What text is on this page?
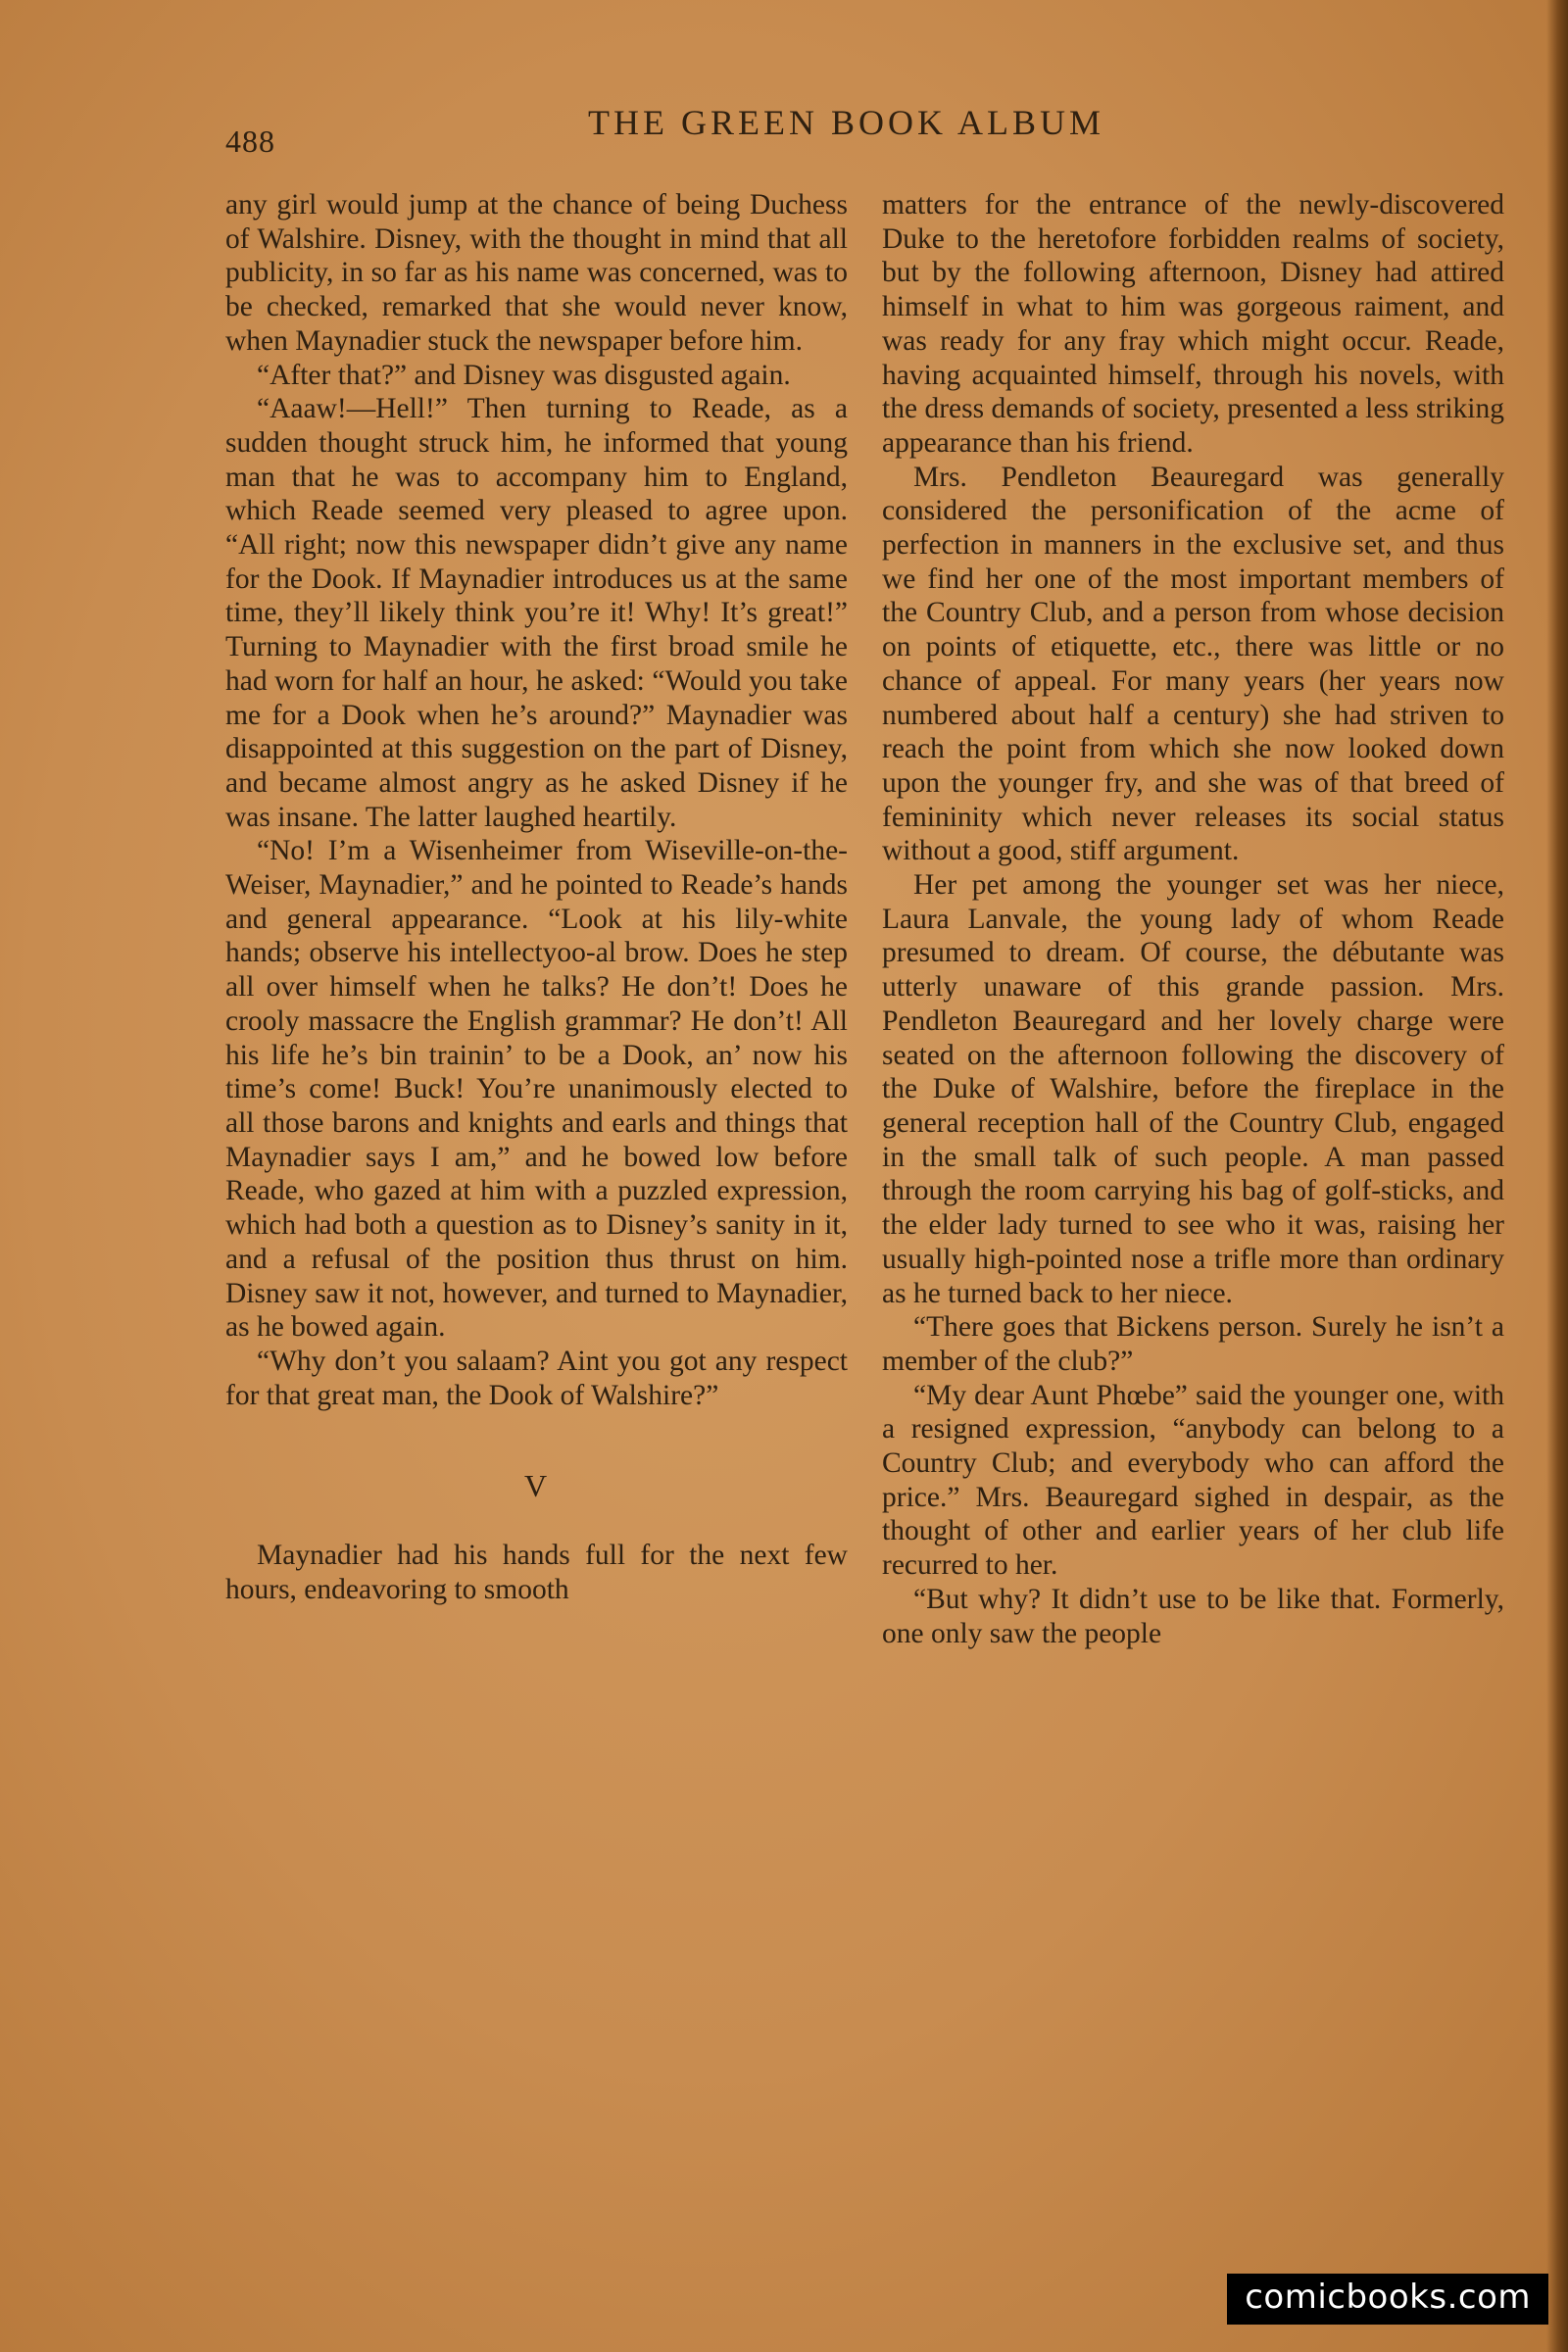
488	THE GREEN BOOK ALBUM

any girl would jump at the chance of being Duchess of Walshire. Disney, with the thought in mind that all publicity, in so far as his name was concerned, was to be checked, remarked that she would never know, when Maynadier stuck the newspaper before him.

“After that?” and Disney was disgusted again.

“Aaaw!—Hell!” Then turning to Reade, as a sudden thought struck him, he informed that young man that he was to accompany him to England, which Reade seemed very pleased to agree upon. “All right; now this newspaper didn’t give any name for the Dook. If Maynadier introduces us at the same time, they’ll likely think you’re it! Why! It’s great!” Turning to Maynadier with the first broad smile he had worn for half an hour, he asked: “Would you take me for a Dook when he’s around?” Maynadier was disappointed at this suggestion on the part of Disney, and became almost angry as he asked Disney if he was insane. The latter laughed heartily.

“No! I’m a Wisenheimer from Wiseville-on-the-Weiser, Maynadier,” and he pointed to Reade’s hands and general appearance. “Look at his lily-white hands; observe his intellectyoo-al brow. Does he step all over himself when he talks? He don’t! Does he crooly massacre the English grammar? He don’t! All his life he’s bin trainin’ to be a Dook, an’ now his time’s come! Buck! You’re unanimously elected to all those barons and knights and earls and things that Maynadier says I am,” and he bowed low before Reade, who gazed at him with a puzzled expression, which had both a question as to Disney’s sanity in it, and a refusal of the position thus thrust on him. Disney saw it not, however, and turned to Maynadier, as he bowed again.

“Why don’t you salaam? Aint you got any respect for that great man, the Dook of Walshire?”

V

Maynadier had his hands full for the next few hours, endeavoring to smooth

matters for the entrance of the newly-discovered Duke to the heretofore forbidden realms of society, but by the following afternoon, Disney had attired himself in what to him was gorgeous raiment, and was ready for any fray which might occur. Reade, having acquainted himself, through his novels, with the dress demands of society, presented a less striking appearance than his friend.

Mrs. Pendleton Beauregard was generally considered the personification of the acme of perfection in manners in the exclusive set, and thus we find her one of the most important members of the Country Club, and a person from whose decision on points of etiquette, etc., there was little or no chance of appeal. For many years (her years now numbered about half a century) she had striven to reach the point from which she now looked down upon the younger fry, and she was of that breed of femininity which never releases its social status without a good, stiff argument.

Her pet among the younger set was her niece, Laura Lanvale, the young lady of whom Reade presumed to dream. Of course, the débutante was utterly unaware of this grande passion. Mrs. Pendleton Beauregard and her lovely charge were seated on the afternoon following the discovery of the Duke of Walshire, before the fireplace in the general reception hall of the Country Club, engaged in the small talk of such people. A man passed through the room carrying his bag of golf-sticks, and the elder lady turned to see who it was, raising her usually high-pointed nose a trifle more than ordinary as he turned back to her niece.

“There goes that Bickens person. Surely he isn’t a member of the club?”

“My dear Aunt Phœbe” said the younger one, with a resigned expression, “anybody can belong to a Country Club; and everybody who can afford the price.” Mrs. Beauregard sighed in despair, as the thought of other and earlier years of her club life recurred to her.

“But why? It didn’t use to be like that. Formerly, one only saw the people

comicbooks.com
